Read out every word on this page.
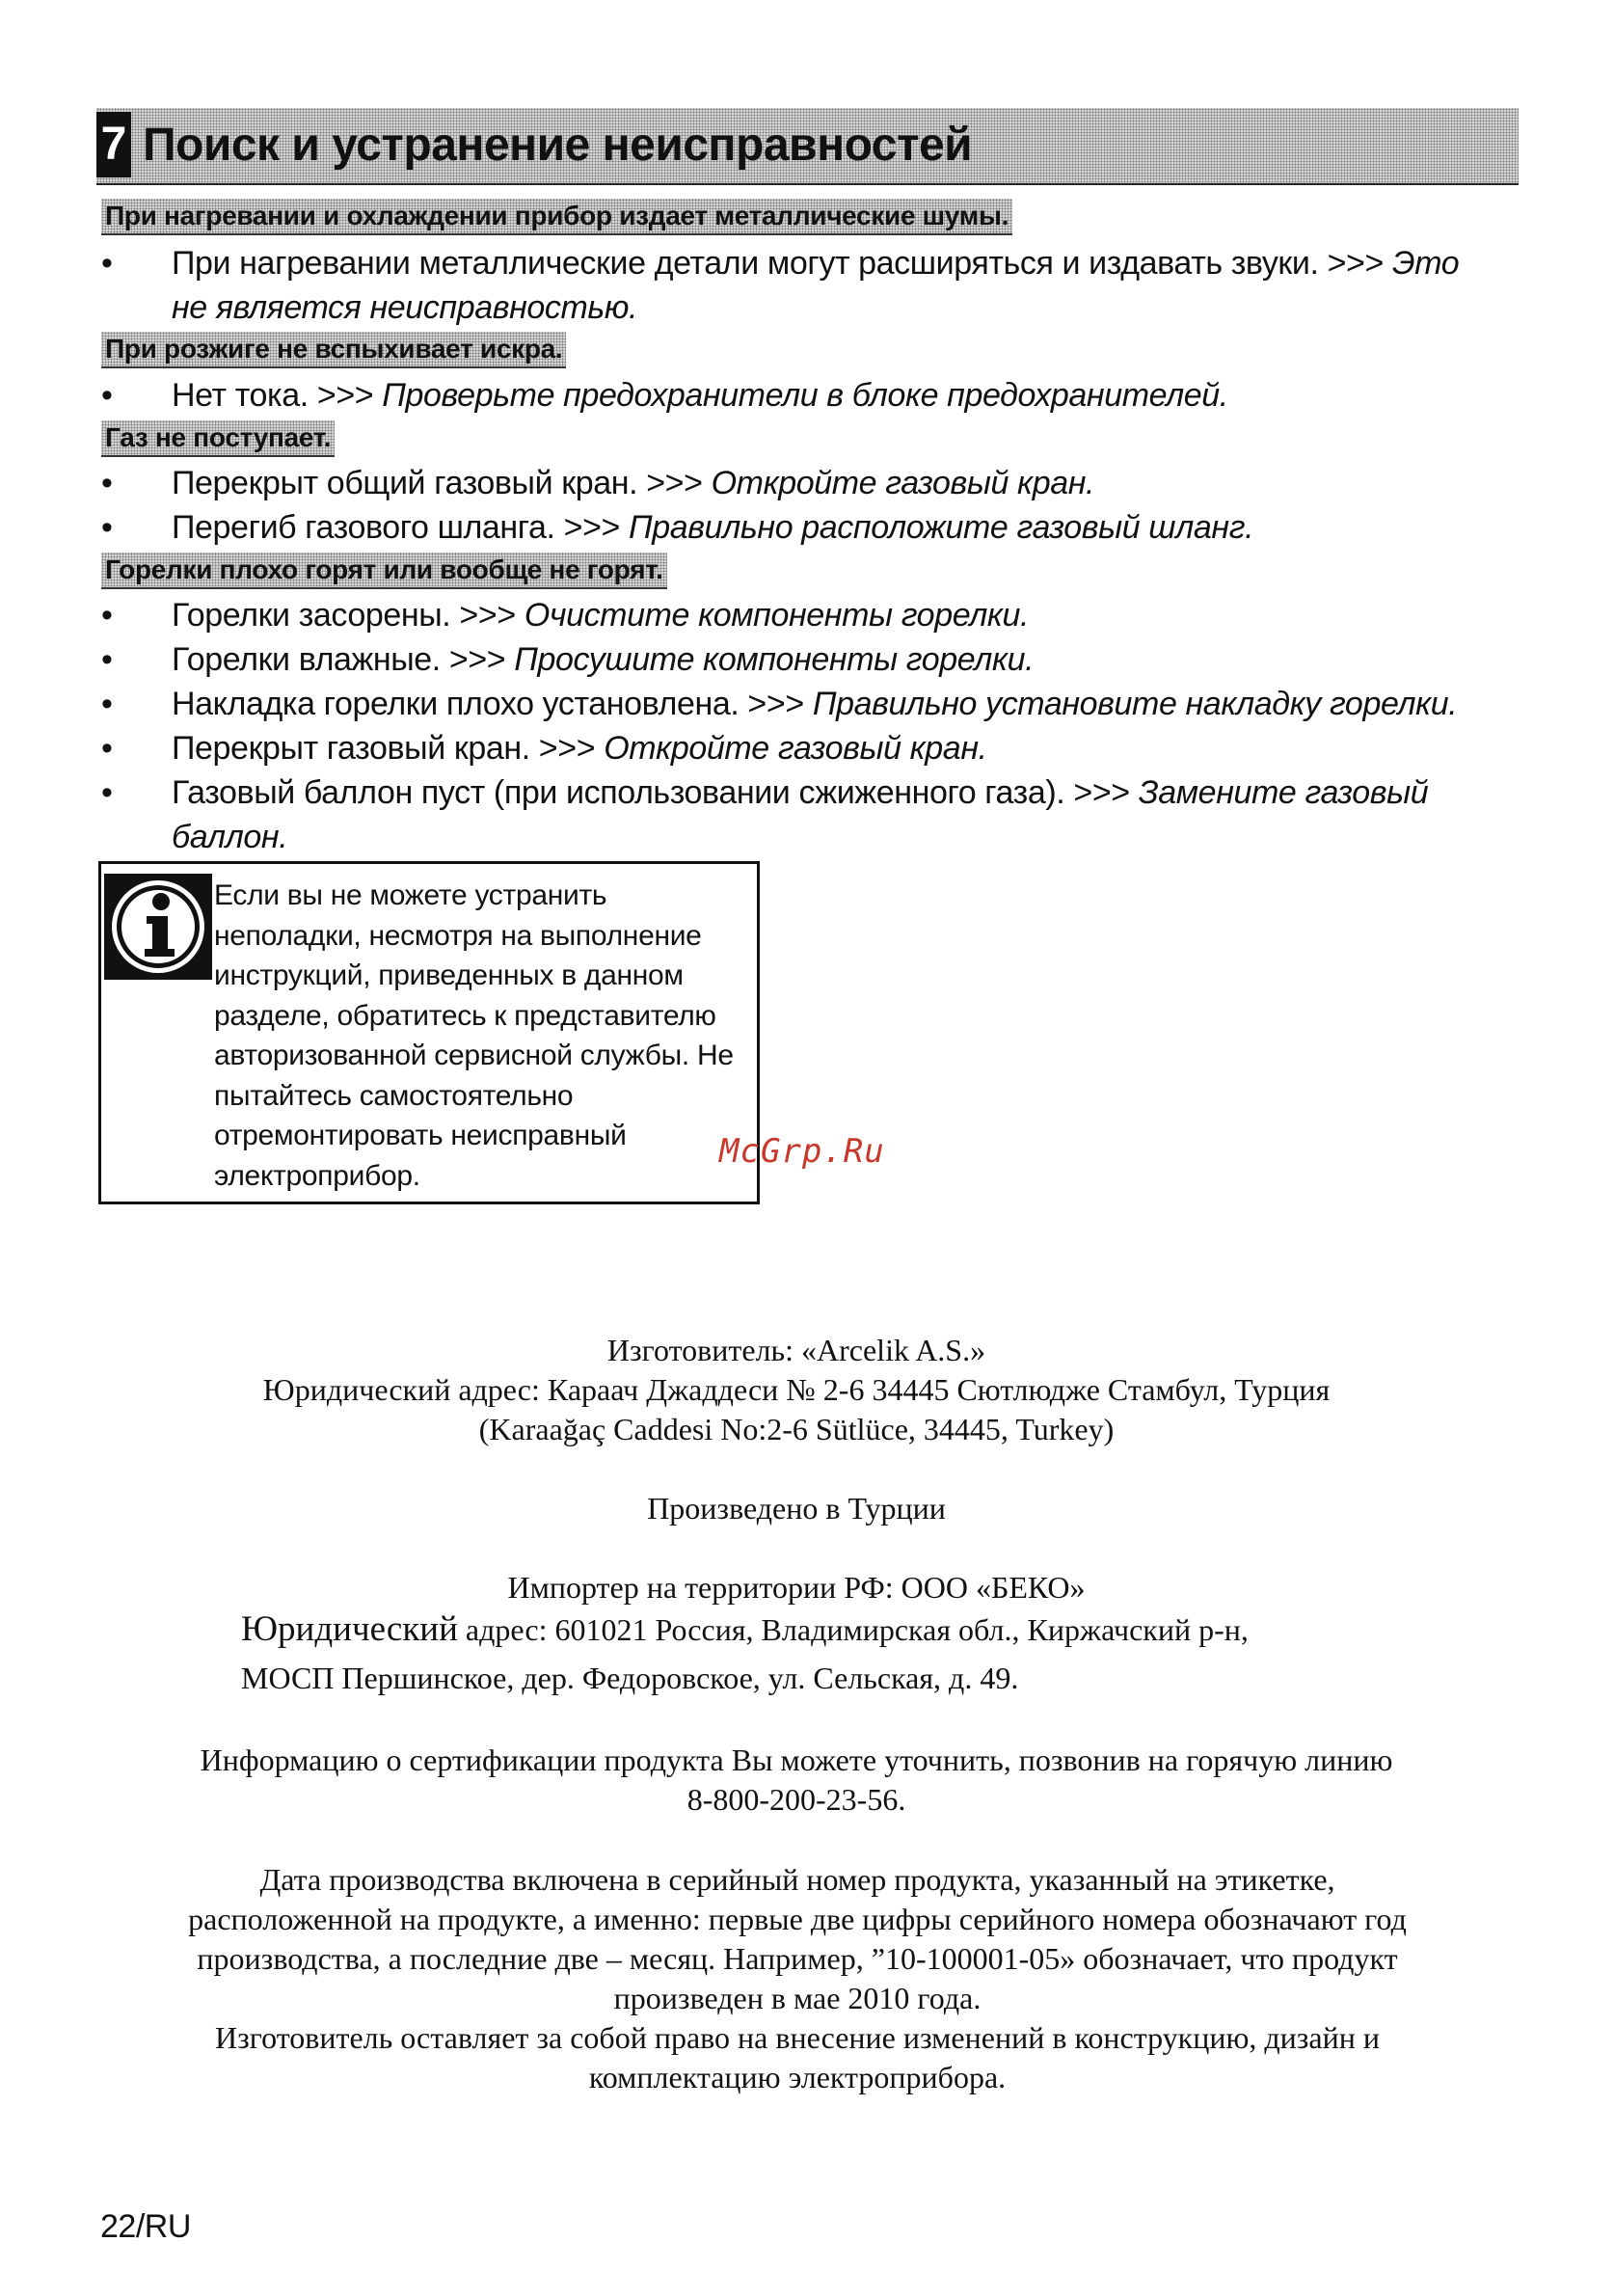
7 Поиск и устранение неисправностей
При нагревании и охлаждении прибор издает металлические шумы.
• При нагревании металлические детали могут расширяться и издавать звуки. >>> Это не является неисправностью.
При розжиге не вспыхивает искра.
• Нет тока. >>> Проверьте предохранители в блоке предохранителей.
Газ не поступает.
• Перекрыт общий газовый кран. >>> Откройте газовый кран.
• Перегиб газового шланга. >>> Правильно расположите газовый шланг.
Горелки плохо горят или вообще не горят.
• Горелки засорены. >>> Очистите компоненты горелки.
• Горелки влажные. >>> Просушите компоненты горелки.
• Накладка горелки плохо установлена. >>> Правильно установите накладку горелки.
• Перекрыт газовый кран. >>> Откройте газовый кран.
• Газовый баллон пуст (при использовании сжиженного газа). >>> Замените газовый баллон.
Если вы не можете устранить
неполадки, несмотря на выполнение
инструкций, приведенных в данном
разделе, обратитесь к представителю
авторизованной сервисной службы. Не
пытайтесь самостоятельно
отремонтировать неисправный
электроприбор.
McGrp.Ru
Изготовитель: «Arcelik A.S.»
Юридический адрес: Караач Джаддеси № 2-6 34445 Сютлюдже Стамбул, Турция
(Karaağaç Caddesi No:2-6 Sütlüce, 34445, Turkey)
Произведено в Турции
Импортер на территории РФ: ООО «БЕКО»
Юридический адрес: 601021 Россия, Владимирская обл., Киржачский р-н,
МОСП Першинское, дер. Федоровское, ул. Сельская, д. 49.
Информацию о сертификации продукта Вы можете уточнить, позвонив на горячую линию
8-800-200-23-56.
Дата производства включена в серийный номер продукта, указанный на этикетке,
расположенной на продукте, а именно: первые две цифры серийного номера обозначают год
производства, а последние две – месяц. Например, ”10-100001-05» обозначает, что продукт
произведен в мае 2010 года.
Изготовитель оставляет за собой право на внесение изменений в конструкцию, дизайн и
комплектацию электроприбора.
22/RU
